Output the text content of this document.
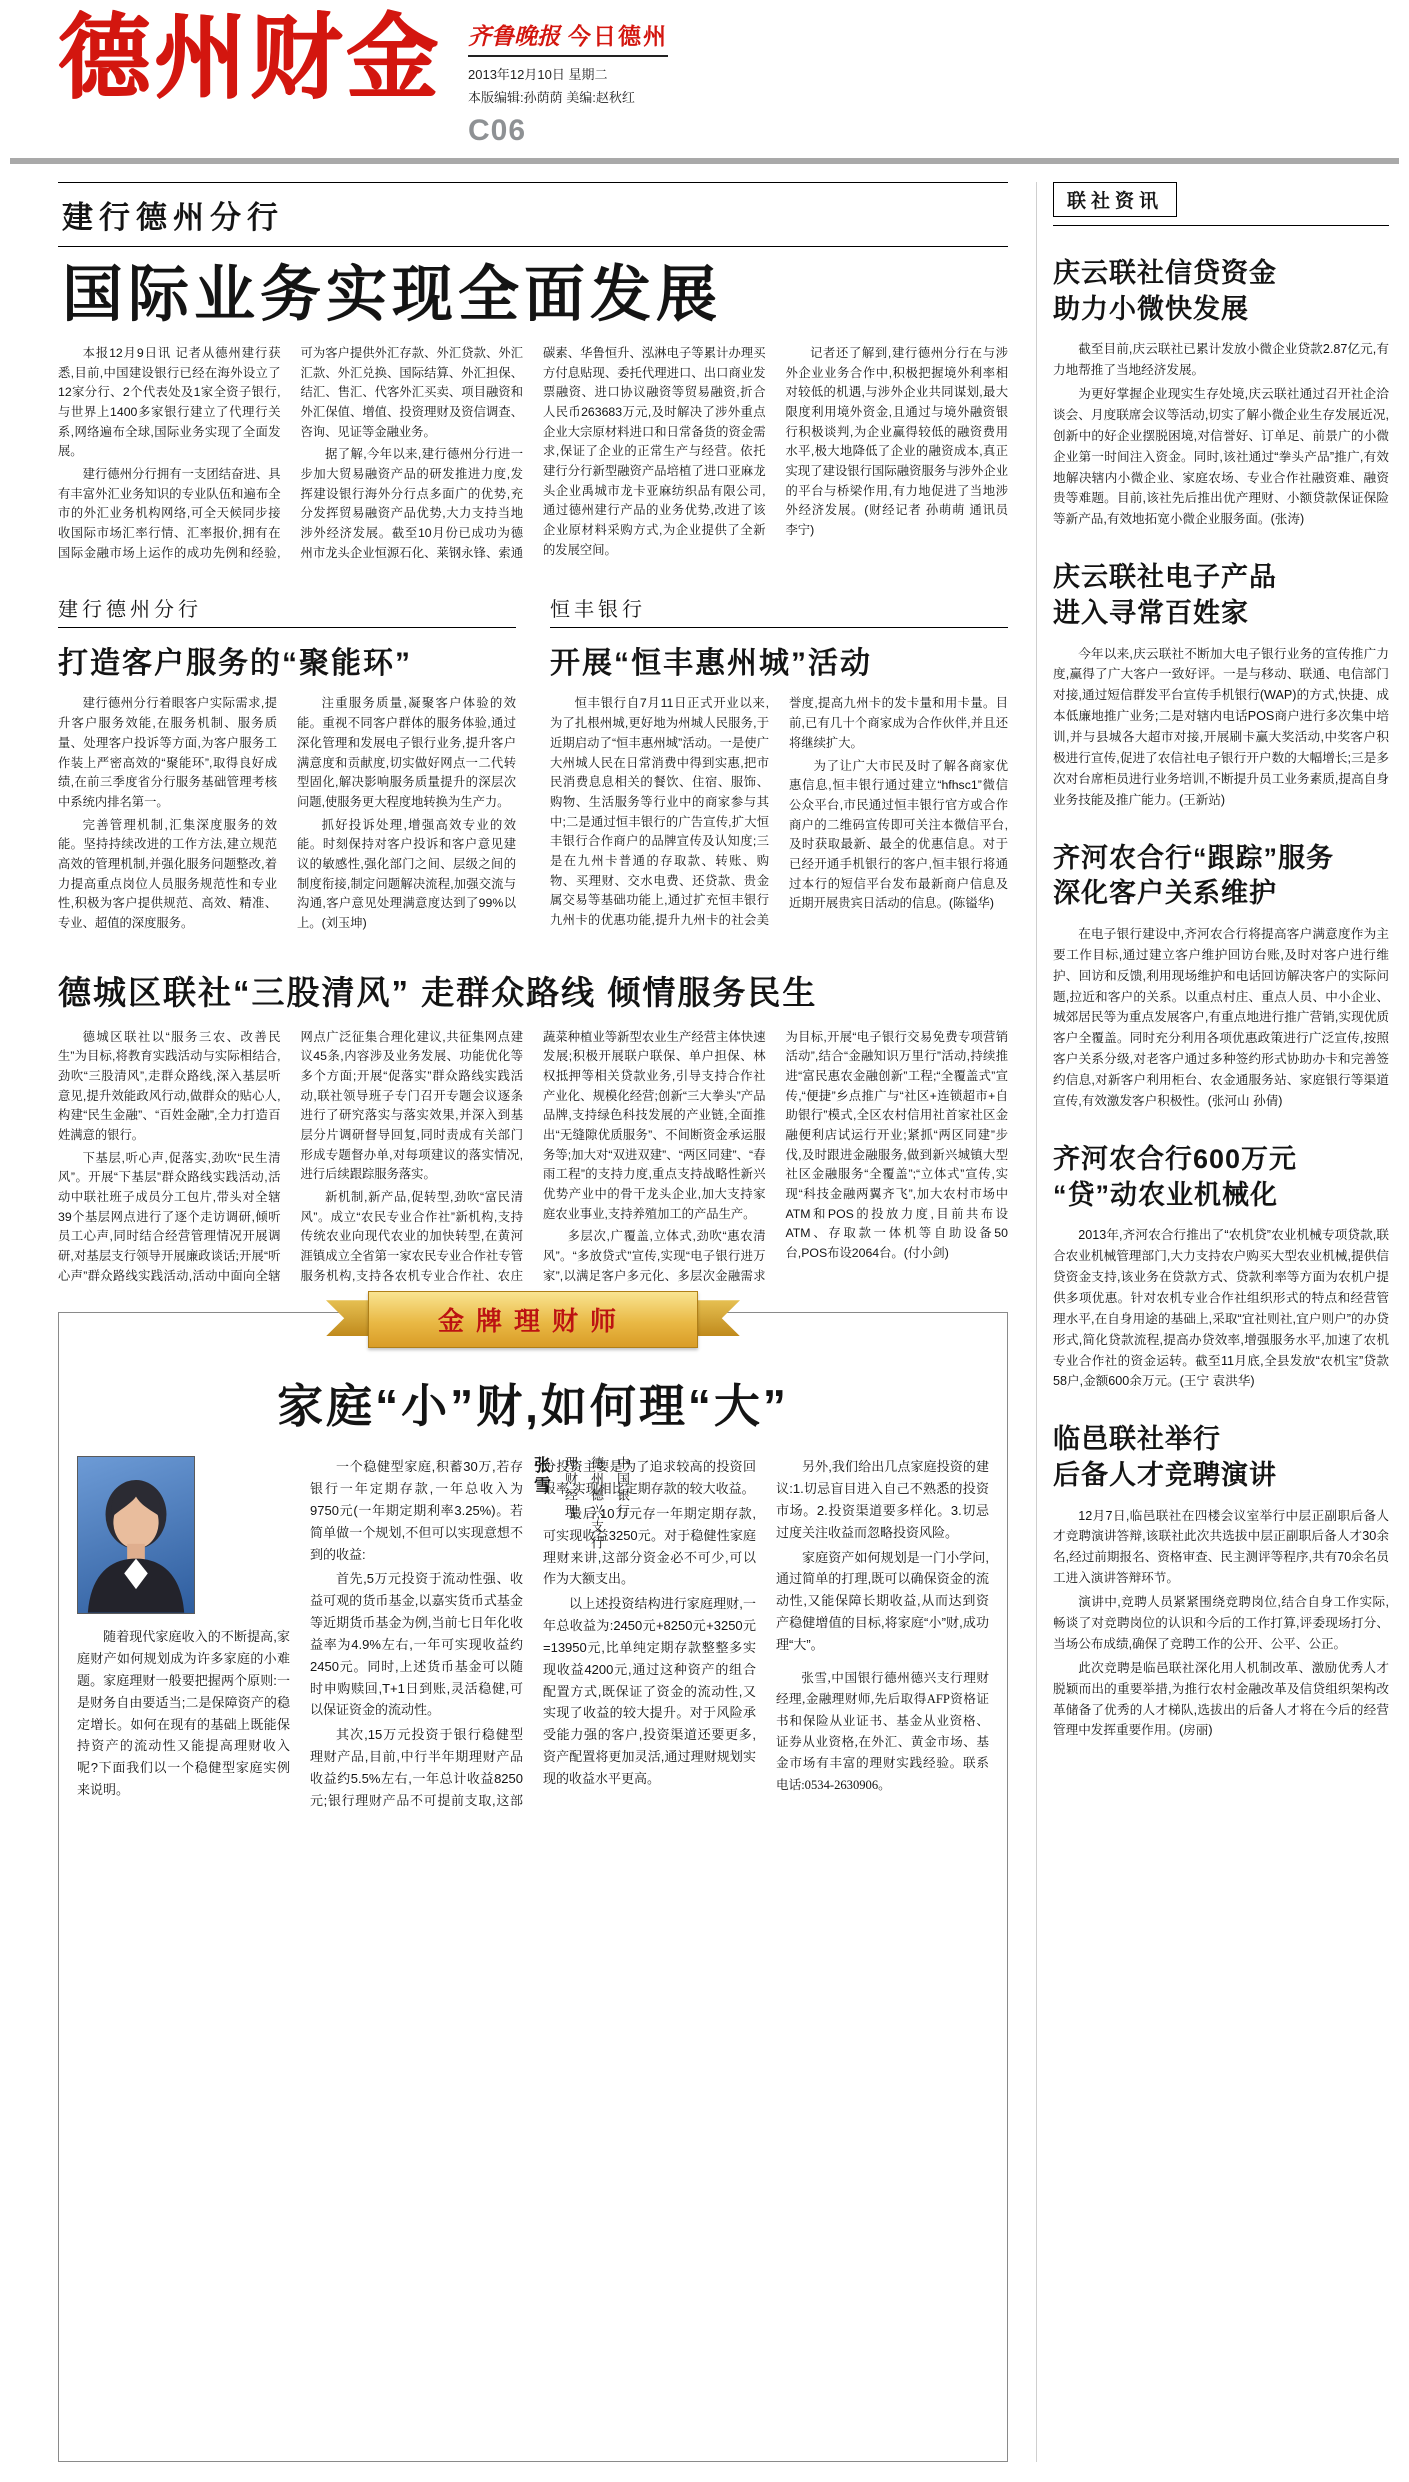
德州财金 齐鲁晚报 今日德州
2013年12月10日 星期二
本版编辑:孙荫荫 美编:赵秋红
C06
建行德州分行
国际业务实现全面发展

本报12月9日讯 记者从德州建行获悉,目前,中国建设银行已经在海外设立了12家分行、2个代表处及1家全资子银行,与世界上1400多家银行建立了代理行关系,网络遍布全球,国际业务实现了全面发展。

建行德州分行拥有一支团结奋进、具有丰富外汇业务知识的专业队伍和遍布全市的外汇业务机构网络,可全天候同步接收国际市场汇率行情、汇率报价,拥有在国际金融市场上运作的成功先例和经验,可为客户提供外汇存款、外汇贷款、外汇汇款、外汇兑换、国际结算、外汇担保、结汇、售汇、代客外汇买卖、项目融资和外汇保值、增值、投资理财及资信调查、咨询、见证等金融业务。

据了解,今年以来,建行德州分行进一步加大贸易融资产品的研发推进力度,发挥建设银行海外分行点多面广的优势,充分发挥贸易融资产品优势,大力支持当地涉外经济发展。截至10月份已成功为德州市龙头企业恒源石化、莱钢永锋、索通碳素、华鲁恒升、泓淋电子等累计办理买方付息贴现、委托代理进口、出口商业发票融资、进口协议融资等贸易融资,折合人民币263683万元,及时解决了涉外重点企业大宗原材料进口和日常备货的资金需求,保证了企业的正常生产与经营。依托建行分行新型融资产品培植了进口亚麻龙头企业禹城市龙卡亚麻纺织品有限公司,通过德州建行产品的业务优势,改进了该企业原材料采购方式,为企业提供了全新的发展空间。

记者还了解到,建行德州分行在与涉外企业业务合作中,积极把握境外利率相对较低的机遇,与涉外企业共同谋划,最大限度利用境外资金,且通过与境外融资银行积极谈判,为企业赢得较低的融资费用水平,极大地降低了企业的融资成本,真正实现了建设银行国际融资服务与涉外企业的平台与桥梁作用,有力地促进了当地涉外经济发展。(财经记者 孙萌萌 通讯员 李宁)

建行德州分行
打造客户服务的“聚能环”

建行德州分行着眼客户实际需求,提升客户服务效能,在服务机制、服务质量、处理客户投诉等方面,为客户服务工作装上严密高效的“聚能环”,取得良好成绩,在前三季度省分行服务基础管理考核中系统内排名第一。

完善管理机制,汇集深度服务的效能。坚持持续改进的工作方法,建立规范高效的管理机制,并强化服务问题整改,着力提高重点岗位人员服务规范性和专业性,积极为客户提供规范、高效、精准、专业、超值的深度服务。

注重服务质量,凝聚客户体验的效能。重视不同客户群体的服务体验,通过深化管理和发展电子银行业务,提升客户满意度和贡献度,切实做好网点一二代转型固化,解决影响服务质量提升的深层次问题,使服务更大程度地转换为生产力。

抓好投诉处理,增强高效专业的效能。时刻保持对客户投诉和客户意见建议的敏感性,强化部门之间、层级之间的制度衔接,制定问题解决流程,加强交流与沟通,客户意见处理满意度达到了99%以上。(刘玉坤)

恒丰银行
开展“恒丰惠州城”活动

恒丰银行自7月11日正式开业以来,为了扎根州城,更好地为州城人民服务,于近期启动了“恒丰惠州城”活动。一是使广大州城人民在日常消费中得到实惠,把市民消费息息相关的餐饮、住宿、服饰、购物、生活服务等行业中的商家参与其中;二是通过恒丰银行的广告宣传,扩大恒丰银行合作商户的品牌宣传及认知度;三是在九州卡普通的存取款、转账、购物、买理财、交水电费、还贷款、贵金属交易等基础功能上,通过扩充恒丰银行九州卡的优惠功能,提升九州卡的社会美誉度,提高九州卡的发卡量和用卡量。目前,已有几十个商家成为合作伙伴,并且还将继续扩大。

为了让广大市民及时了解各商家优惠信息,恒丰银行通过建立“hfhsc1”微信公众平台,市民通过恒丰银行官方或合作商户的二维码宣传即可关注本微信平台,及时获取最新、最全的优惠信息。对于已经开通手机银行的客户,恒丰银行将通过本行的短信平台发布最新商户信息及近期开展贵宾日活动的信息。(陈镒华)

德城区联社“三股清风” 走群众路线 倾情服务民生

德城区联社以“服务三农、改善民生”为目标,将教育实践活动与实际相结合,劲吹“三股清风”,走群众路线,深入基层听意见,提升效能政风行动,做群众的贴心人,构建“民生金融”、“百姓金融”,全力打造百姓满意的银行。

下基层,听心声,促落实,劲吹“民生清风”。开展“下基层”群众路线实践活动,活动中联社班子成员分工包片,带头对全辖39个基层网点进行了逐个走访调研,倾听员工心声,同时结合经营管理情况开展调研,对基层支行领导开展廉政谈话;开展“听心声”群众路线实践活动,活动中面向全辖网点广泛征集合理化建议,共征集网点建议45条,内容涉及业务发展、功能优化等多个方面;开展“促落实”群众路线实践活动,联社领导班子专门召开专题会议逐条进行了研究落实与落实效果,并深入到基层分片调研督导回复,同时责成有关部门形成专题督办单,对每项建议的落实情况,进行后续跟踪服务落实。

新机制,新产品,促转型,劲吹“富民清风”。成立“农民专业合作社”新机构,支持传统农业向现代农业的加快转型,在黄河涯镇成立全省第一家农民专业合作社专管服务机构,支持各农机专业合作社、农庄蔬菜种植业等新型农业生产经营主体快速发展;积极开展联户联保、单户担保、林权抵押等相关贷款业务,引导支持合作社产业化、规模化经营;创新“三大拳头”产品品牌,支持绿色科技发展的产业链,全面推出“无缝隙优质服务”、不间断资金承运服务等;加大对“双进双建”、“两区同建”、“春雨工程”的支持力度,重点支持战略性新兴优势产业中的骨干龙头企业,加大支持家庭农业事业,支持养殖加工的产品生产。

多层次,广覆盖,立体式,劲吹“惠农清风”。“多放贷式”宣传,实现“电子银行进万家”,以满足客户多元化、多层次金融需求为目标,开展“电子银行交易免费专项营销活动”,结合“金融知识万里行”活动,持续推进“富民惠农金融创新”工程;“全覆盖式”宣传,“便捷”乡点推广与“社区+连锁超市+自助银行”模式,全区农村信用社首家社区金融便利店试运行开业;紧抓“两区同建”步伐,及时跟进金融服务,做到新兴城镇大型社区金融服务“全覆盖”;“立体式”宣传,实现“科技金融两翼齐飞”,加大农村市场中ATM和POS的投放力度,目前共布设ATM、存取款一体机等自助设备50台,POS布设2064台。(付小剑)

金牌理财师
家庭“小”财,如何理“大”
中国银行
德州德兴支行
理财经理
张雪

随着现代家庭收入的不断提高,家庭财产如何规划成为许多家庭的小难题。家庭理财一般要把握两个原则:一是财务自由要适当;二是保障资产的稳定增长。如何在现有的基础上既能保持资产的流动性又能提高理财收入呢?下面我们以一个稳健型家庭实例来说明。

一个稳健型家庭,积蓄30万,若存银行一年定期存款,一年总收入为9750元(一年期定期利率3.25%)。若简单做一个规划,不但可以实现意想不到的收益:

首先,5万元投资于流动性强、收益可观的货币基金,以嘉实货币式基金等近期货币基金为例,当前七日年化收益率为4.9%左右,一年可实现收益约2450元。同时,上述货币基金可以随时申购赎回,T+1日到账,灵活稳健,可以保证资金的流动性。

其次,15万元投资于银行稳健型理财产品,目前,中行半年期理财产品收益约5.5%左右,一年总计收益8250元;银行理财产品不可提前支取,这部分投资主要是为了追求较高的投资回报率,实现相比定期存款的较大收益。

最后,10万元存一年期定期存款,可实现收益3250元。对于稳健性家庭理财来讲,这部分资金必不可少,可以作为大额支出。

以上述投资结构进行家庭理财,一年总收益为:2450元+8250元+3250元=13950元,比单纯定期存款整整多实现收益4200元,通过这种资产的组合配置方式,既保证了资金的流动性,又实现了收益的较大提升。对于风险承受能力强的客户,投资渠道还要更多,资产配置将更加灵活,通过理财规划实现的收益水平更高。

另外,我们给出几点家庭投资的建议:1.切忌盲目进入自己不熟悉的投资市场。2.投资渠道要多样化。3.切忌过度关注收益而忽略投资风险。

家庭资产如何规划是一门小学问,通过简单的打理,既可以确保资金的流动性,又能保障长期收益,从而达到资产稳健增值的目标,将家庭“小”财,成功理“大”。

张雪,中国银行德州德兴支行理财经理,金融理财师,先后取得AFP资格证书和保险从业证书、基金从业资格、证券从业资格,在外汇、黄金市场、基金市场有丰富的理财实践经验。联系电话:0534-2630906。

联社资讯
庆云联社信贷资金
助力小微快发展

截至目前,庆云联社已累计发放小微企业贷款2.87亿元,有力地帮推了当地经济发展。

为更好掌握企业现实生存处境,庆云联社通过召开社企洽谈会、月度联席会议等活动,切实了解小微企业生存发展近况,创新中的好企业摆脱困境,对信誉好、订单足、前景广的小微企业第一时间注入资金。同时,该社通过“拳头产品”推广,有效地解决辖内小微企业、家庭农场、专业合作社融资难、融资贵等难题。目前,该社先后推出优产理财、小额贷款保证保险等新产品,有效地拓宽小微企业服务面。(张涛)

庆云联社电子产品
进入寻常百姓家

今年以来,庆云联社不断加大电子银行业务的宣传推广力度,赢得了广大客户一致好评。一是与移动、联通、电信部门对接,通过短信群发平台宣传手机银行(WAP)的方式,快捷、成本低廉地推广业务;二是对辖内电话POS商户进行多次集中培训,并与县城各大超市对接,开展刷卡赢大奖活动,中奖客户积极进行宣传,促进了农信社电子银行开户数的大幅增长;三是多次对台席柜员进行业务培训,不断提升员工业务素质,提高自身业务技能及推广能力。(王新站)

齐河农合行“跟踪”服务
深化客户关系维护

在电子银行建设中,齐河农合行将提高客户满意度作为主要工作目标,通过建立客户维护回访台账,及时对客户进行维护、回访和反馈,利用现场维护和电话回访解决客户的实际问题,拉近和客户的关系。以重点村庄、重点人员、中小企业、城郊居民等为重点发展客户,有重点地进行推广营销,实现优质客户全覆盖。同时充分利用各项优惠政策进行广泛宣传,按照客户关系分级,对老客户通过多种签约形式协助办卡和完善签约信息,对新客户利用柜台、农金通服务站、家庭银行等渠道宣传,有效激发客户积极性。(张河山 孙倩)

齐河农合行600万元
“贷”动农业机械化

2013年,齐河农合行推出了“农机贷”农业机械专项贷款,联合农业机械管理部门,大力支持农户购买大型农业机械,提供信贷资金支持,该业务在贷款方式、贷款利率等方面为农机户提供多项优惠。针对农机专业合作社组织形式的特点和经营管理水平,在自身用途的基础上,采取“宜社则社,宜户则户”的办贷形式,简化贷款流程,提高办贷效率,增强服务水平,加速了农机专业合作社的资金运转。截至11月底,全县发放“农机宝”贷款58户,金额600余万元。(王宁 袁洪华)

临邑联社举行
后备人才竞聘演讲

12月7日,临邑联社在四楼会议室举行中层正副职后备人才竞聘演讲答辩,该联社此次共选拔中层正副职后备人才30余名,经过前期报名、资格审查、民主测评等程序,共有70余名员工进入演讲答辩环节。

演讲中,竞聘人员紧紧围绕竞聘岗位,结合自身工作实际,畅谈了对竞聘岗位的认识和今后的工作打算,评委现场打分、当场公布成绩,确保了竞聘工作的公开、公平、公正。

此次竞聘是临邑联社深化用人机制改革、激励优秀人才脱颖而出的重要举措,为推行农村金融改革及信贷组织架构改革储备了优秀的人才梯队,选拔出的后备人才将在今后的经营管理中发挥重要作用。(房丽)
